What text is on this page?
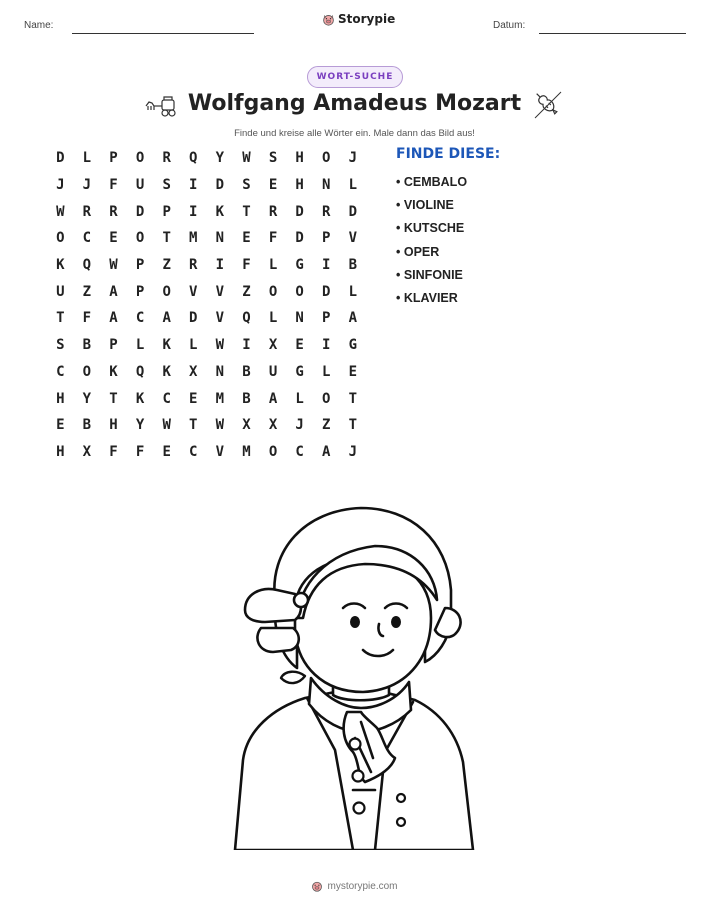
Name:	Storypie	Datum:
WORT-SUCHE
Wolfgang Amadeus Mozart
Finde und kreise alle Wörter ein. Male dann das Bild aus!
D	L	P	O	R	Q	Y	W	S	H	O	J
J	J	F	U	S	I	D	S	E	H	N	L
W	R	R	D	P	I	K	T	R	D	R	D
O	C	E	O	T	M	N	E	F	D	P	V
K	Q	W	P	Z	R	I	F	L	G	I	B
U	Z	A	P	O	V	V	Z	O	O	D	L
T	F	A	C	A	D	V	Q	L	N	P	A
S	B	P	L	K	L	W	I	X	E	I	G
C	O	K	Q	K	X	N	B	U	G	L	E
H	Y	T	K	C	E	M	B	A	L	O	T
E	B	H	Y	W	T	W	X	X	J	Z	T
H	X	F	F	E	C	V	M	O	C	A	J
FINDE DIESE:
• CEMBALO
• VIOLINE
• KUTSCHE
• OPER
• SINFONIE
• KLAVIER
mystorypie.com
